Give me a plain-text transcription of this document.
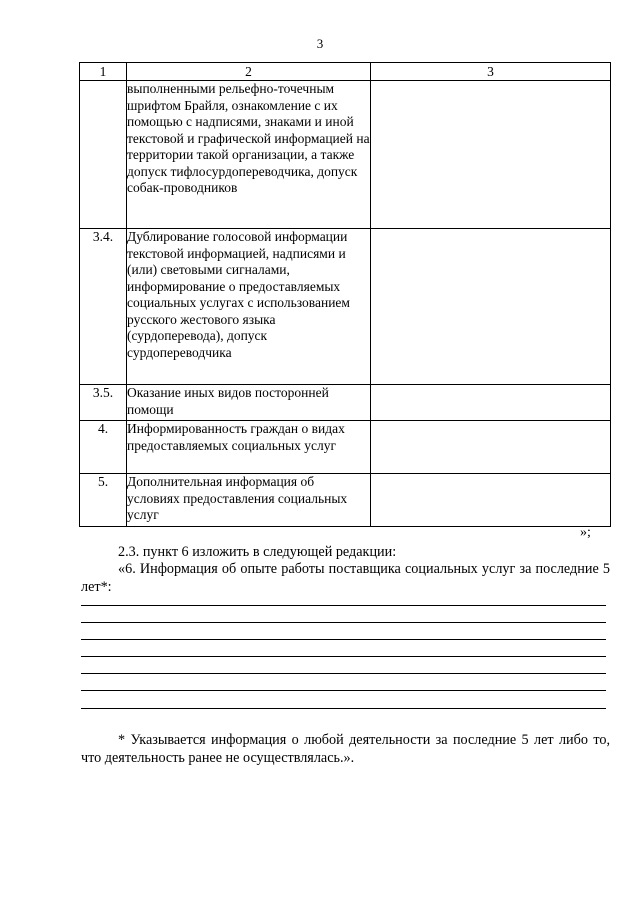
3
1	2	3
	выполненными рельефно-точечным шрифтом Брайля, ознакомление с их помощью с надписями, знаками и иной текстовой и графической информацией на территории такой организации, а также допуск тифлосурдопереводчика, допуск собак-проводников	
3.4.	Дублирование голосовой информации текстовой информацией, надписями и (или) световыми сигналами, информирование о предоставляемых социальных услугах с использованием русского жестового языка (сурдоперевода), допуск сурдопереводчика	
3.5.	Оказание иных видов посторонней помощи	
4.	Информированность граждан о видах предоставляемых социальных услуг	
5.	Дополнительная информация об условиях предоставления социальных услуг	
»;
2.3. пункт 6 изложить в следующей редакции:
«6. Информация об опыте работы поставщика социальных услуг за последние 5 лет*:
* Указывается информация о любой деятельности за последние 5 лет либо то, что деятельность ранее не осуществлялась.».
